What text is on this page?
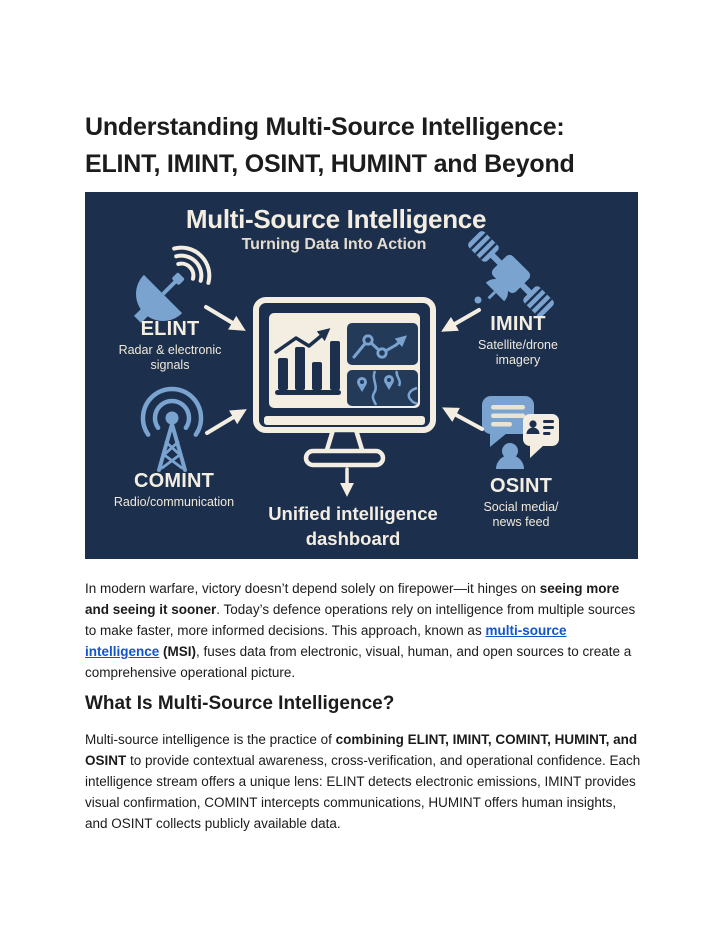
Understanding Multi-Source Intelligence: ELINT, IMINT, OSINT, HUMINT and Beyond
Multi-Source Intelligence
Turning Data Into Action
ELINT
Radar & electronic signals
IMINT
Satellite/drone imagery
COMINT
Radio/communication
OSINT
Social media/ news feed
Unified intelligence
dashboard

In modern warfare, victory doesn’t depend solely on firepower—it hinges on seeing more and seeing it sooner. Today’s defence operations rely on intelligence from multiple sources to make faster, more informed decisions. This approach, known as multi-source intelligence (MSI), fuses data from electronic, visual, human, and open sources to create a comprehensive operational picture.

What Is Multi-Source Intelligence?

Multi-source intelligence is the practice of combining ELINT, IMINT, COMINT, HUMINT, and OSINT to provide contextual awareness, cross-verification, and operational confidence. Each intelligence stream offers a unique lens: ELINT detects electronic emissions, IMINT provides visual confirmation, COMINT intercepts communications, HUMINT offers human insights, and OSINT collects publicly available data.
